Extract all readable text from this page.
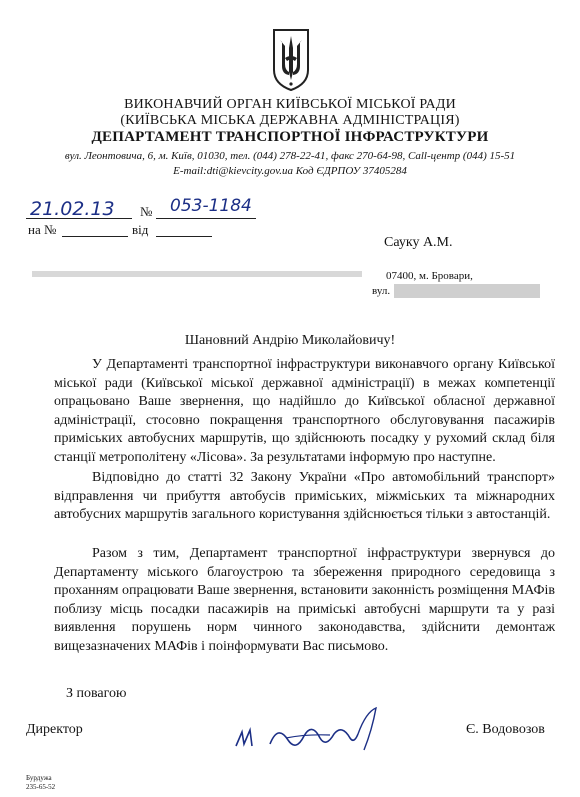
ВИКОНАВЧИЙ ОРГАН КИЇВСЬКОЇ МІСЬКОЇ РАДИ
(КИЇВСЬКА МІСЬКА ДЕРЖАВНА АДМІНІСТРАЦІЯ)
ДЕПАРТАМЕНТ ТРАНСПОРТНОЇ ІНФРАСТРУКТУРИ
вул. Леонтовича, 6, м. Київ, 01030, тел. (044) 278-22-41, факс 270-64-98, Call-центр (044) 15-51
E-mail:dti@kievcity.gov.ua Код ЄДРПОУ 37405284
21.02.13 № 053-1184
на №	від
Сауку А.М.
07400, м. Бровари,
вул.
Шановний Андрію Миколайовичу!
У Департаменті транспортної інфраструктури виконавчого органу Київської міської ради (Київської міської державної адміністрації) в межах компетенції опрацьовано Ваше звернення, що надійшло до Київської обласної державної адміністрації, стосовно покращення транспортного обслуговування пасажирів приміських автобусних маршрутів, що здійснюють посадку у рухомий склад біля станції метрополітену «Лісова». За результатами інформую про наступне.
Відповідно до статті 32 Закону України «Про автомобільний транспорт» відправлення чи прибуття автобусів приміських, міжміських та міжнародних автобусних маршрутів загального користування здійснюється тільки з автостанцій.
Разом з тим, Департамент транспортної інфраструктури звернувся до Департаменту міського благоустрою та збереження природного середовища з проханням опрацювати Ваше звернення, встановити законність розміщення МАФів поблизу місць посадки пасажирів на приміські автобусні маршрути та у разі виявлення порушень норм чинного законодавства, здійснити демонтаж вищезазначених МАФів і поінформувати Вас письмово.
З повагою
Директор	Є. Водовозов
Бурдужа
235-65-52
